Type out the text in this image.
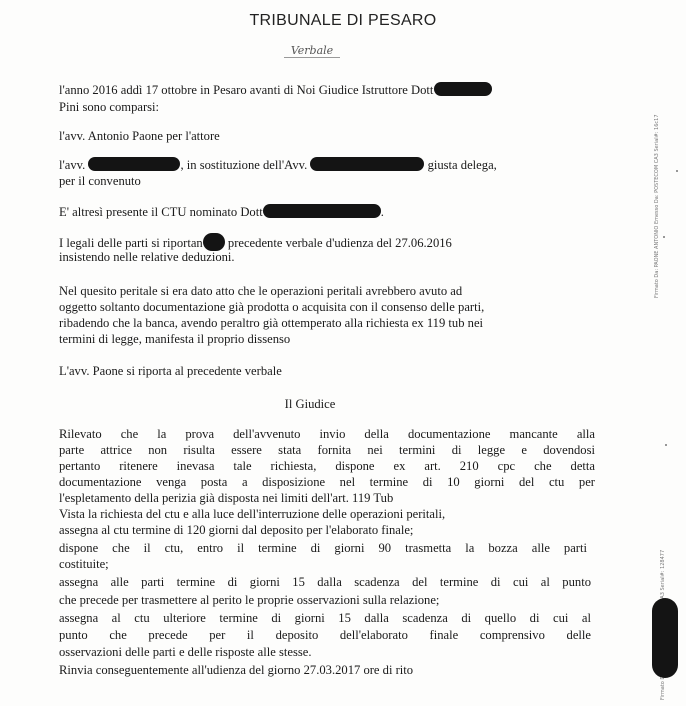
TRIBUNALE DI PESARO
Verbale
l'anno 2016 addì 17 ottobre in Pesaro avanti di Noi Giudice Istruttore Dott
Pini sono comparsi:
l'avv. Antonio Paone per l'attore
l'avv.	, in sostituzione dell'Avv.	giusta delega,
per il convenuto
E' altresì presente il CTU nominato Dott	.
I legali delle parti si riportan precedente verbale d'udienza del 27.06.2016
insistendo nelle relative deduzioni.
Nel quesito peritale si era dato atto che le operazioni peritali avrebbero avuto ad
oggetto soltanto documentazione già prodotta o acquisita con il consenso delle parti,
ribadendo che la banca, avendo peraltro già ottemperato alla richiesta ex 119 tub nei
termini di legge, manifesta il proprio dissenso
L'avv. Paone si riporta al precedente verbale
Il Giudice
Rilevato che la prova dell'avvenuto invio della documentazione mancante alla
parte attrice non risulta essere stata fornita nei termini di legge e dovendosi
pertanto ritenere inevasa tale richiesta, dispone ex art. 210 cpc che detta
documentazione venga posta a disposizione nel termine di 10 giorni del ctu per
l'espletamento della perizia già disposta nei limiti dell'art. 119 Tub
Vista la richiesta del ctu e alla luce dell'interruzione delle operazioni peritali,
assegna al ctu termine di 120 giorni dal deposito per l'elaborato finale;
dispone che il ctu, entro il termine di giorni 90 trasmetta la bozza alle parti
costituite;
assegna alle parti termine di giorni 15 dalla scadenza del termine di cui al punto
che precede per trasmettere al perito le proprie osservazioni sulla relazione;
assegna al ctu ulteriore termine di giorni 15 dalla scadenza di quello di cui al
punto che precede per il deposito dell'elaborato finale comprensivo delle
osservazioni delle parti e delle risposte alle stesse.
Rinvia conseguentemente all'udienza del giorno 27.03.2017 ore di rito
Firmato Da: PAONE ANTONIO Emesso Da: POSTECOM CA3 Serial#: 16c17
